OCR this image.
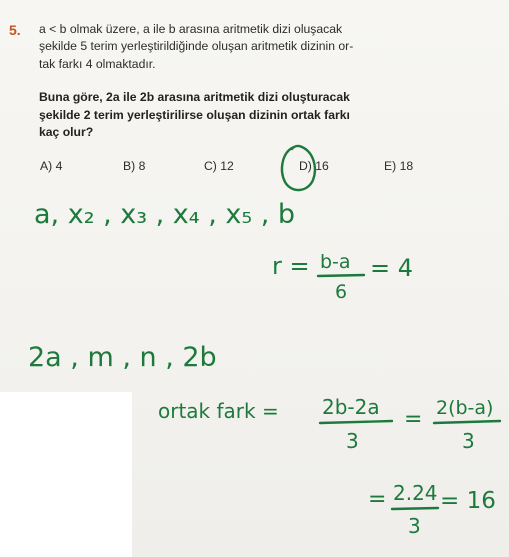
5. a < b olmak üzere, a ile b arasına aritmetik dizi oluşacak
şekilde 5 terim yerleştirildiğinde oluşan aritmetik dizinin or-
tak farkı 4 olmaktadır.
Buna göre, 2a ile 2b arasına aritmetik dizi oluşturacak
şekilde 2 terim yerleştirilirse oluşan dizinin ortak farkı
kaç olur?
A) 4	B) 8	C) 12	D) 16	E) 18
a, x₂ , x₃ , x₄ , x₅ , b
r = b-a
6
= 4
2a , m , n , 2b
ortak fark = 2b-2a
3
= 2(b-a)
3
= 2.24
3
= 16
